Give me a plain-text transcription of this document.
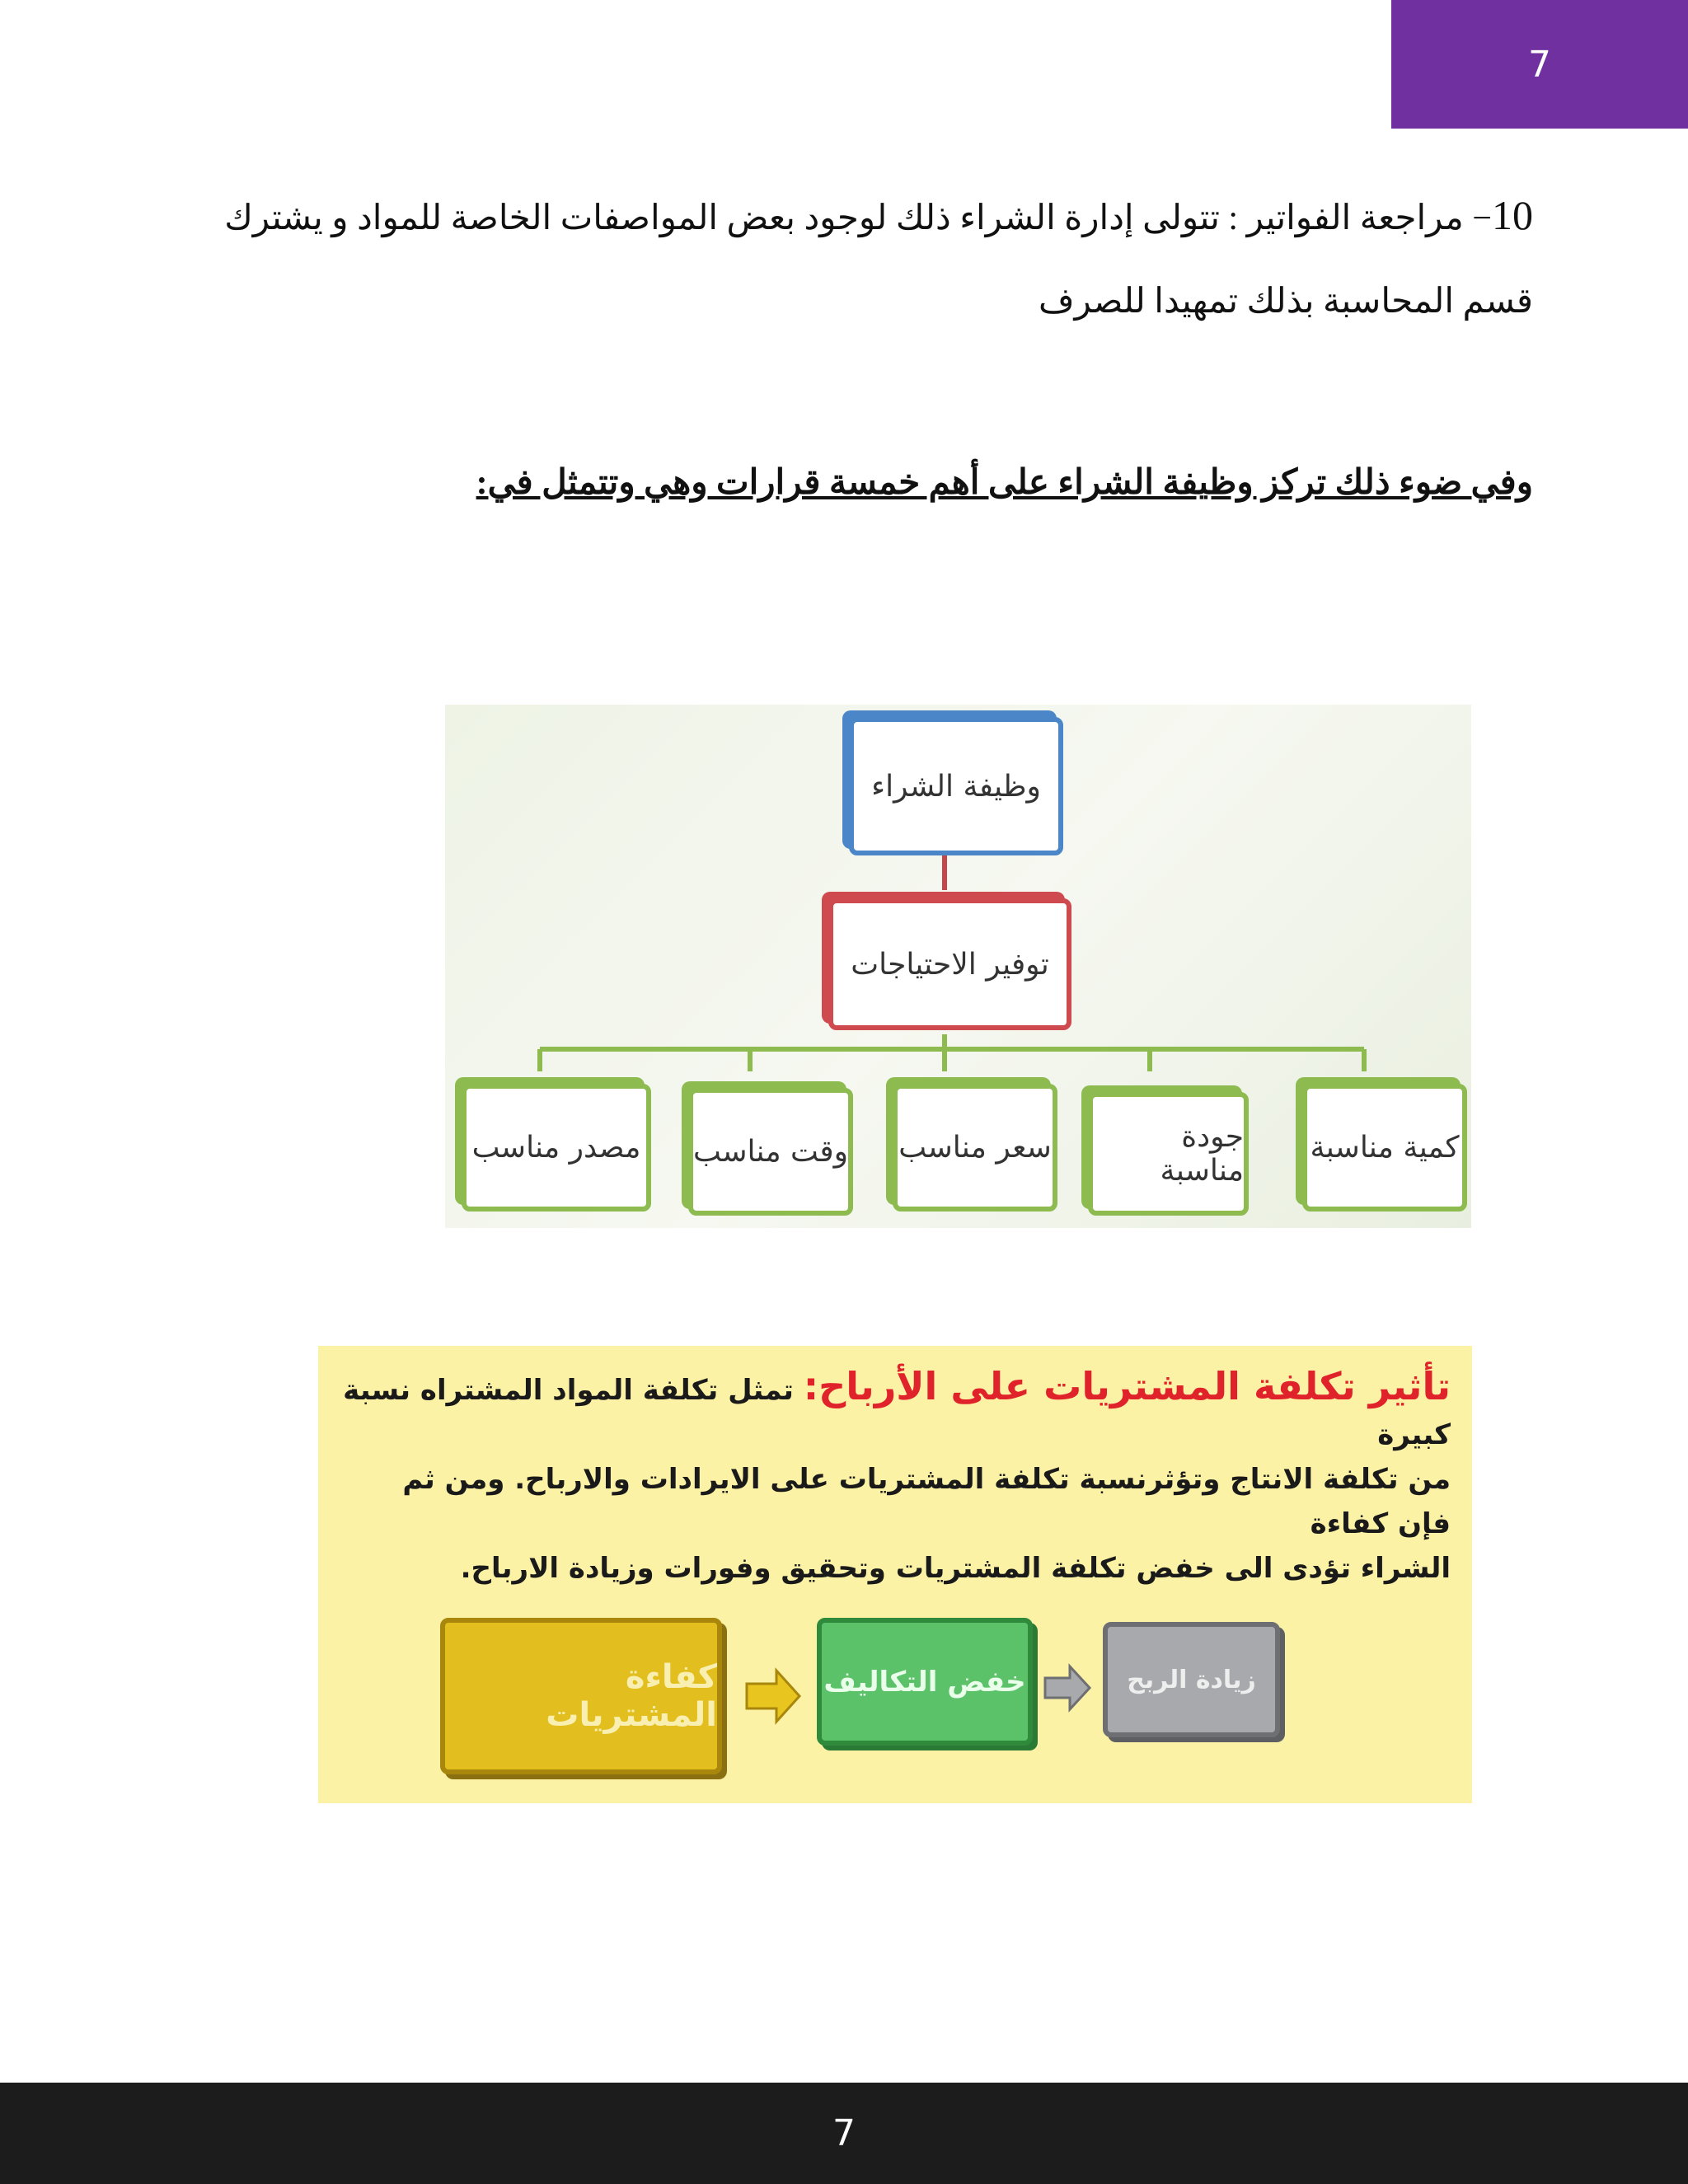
7
10− مراجعة الفواتير : تتولى إدارة الشراء ذلك لوجود بعض المواصفات الخاصة للمواد و يشترك
قسم المحاسبة بذلك تمهيدا للصرف
وفي ضوء ذلك تركز وظيفة الشراء على أهم خمسة قرارات وهي وتتمثل في:
وظيفة الشراء
توفير الاحتياجات
كمية مناسبة
جودة مناسبة
سعر مناسب
وقت مناسب
مصدر مناسب
تأثير تكلفة المشتريات على الأرباح: تمثل تكلفة المواد المشتراه نسبة كبيرة
من تكلفة الانتاج وتؤثرنسبة تكلفة المشتريات على الايرادات والارباح. ومن ثم فإن كفاءة
الشراء تؤدى الى خفض تكلفة المشتريات وتحقيق وفورات وزيادة الارباح.
كفاءة المشتريات
خفض التكاليف	زيادة الربح
7
